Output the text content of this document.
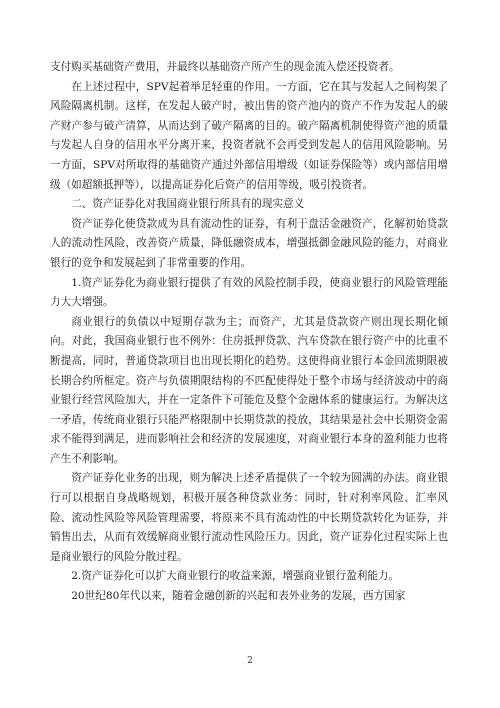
支付购买基础资产费用，并最终以基础资产所产生的现金流入偿还投资者。

在上述过程中，SPV起着举足轻重的作用。一方面，它在其与发起人之间构架了风险隔离机制。这样，在发起人破产时，被出售的资产池内的资产不作为发起人的破产财产参与破产清算，从而达到了破产隔离的目的。破产隔离机制使得资产池的质量与发起人自身的信用水平分离开来，投资者就不会再受到发起人的信用风险影响。另一方面，SPV对所取得的基础资产通过外部信用增级（如证券保险等）或内部信用增级（如超额抵押等），以提高证券化后资产的信用等级，吸引投资者。

二、资产证券化对我国商业银行所具有的现实意义

资产证券化使贷款成为具有流动性的证券，有利于盘活金融资产，化解初始贷款人的流动性风险，改善资产质量，降低融资成本，增强抵御金融风险的能力，对商业银行的竞争和发展起到了非常重要的作用。

1.资产证券化为商业银行提供了有效的风险控制手段，使商业银行的风险管理能力大大增强。

商业银行的负债以中短期存款为主；而资产，尤其是贷款资产则出现长期化倾向。对此，我国商业银行也不例外：住房抵押贷款、汽车贷款在银行资产中的比重不断提高，同时，普通贷款项目也出现长期化的趋势。这使得商业银行本金回流期限被长期合约所框定。资产与负债期限结构的不匹配使得处于整个市场与经济波动中的商业银行经营风险加大，并在一定条件下可能危及整个金融体系的健康运行。为解决这一矛盾，传统商业银行只能严格限制中长期贷款的投放，其结果是社会中长期资金需求不能得到满足，进而影响社会和经济的发展速度，对商业银行本身的盈利能力也将产生不利影响。

资产证券化业务的出现，则为解决上述矛盾提供了一个较为圆满的办法。商业银行可以根据自身战略规划，积极开展各种贷款业务：同时，针对利率风险、汇率风险、流动性风险等风险管理需要，将原来不具有流动性的中长期贷款转化为证券，并销售出去，从而有效缓解商业银行流动性风险压力。因此，资产证券化过程实际上也是商业银行的风险分散过程。

2.资产证券化可以扩大商业银行的收益来源，增强商业银行盈利能力。

20世纪80年代以来，随着金融创新的兴起和表外业务的发展，西方国家

2
